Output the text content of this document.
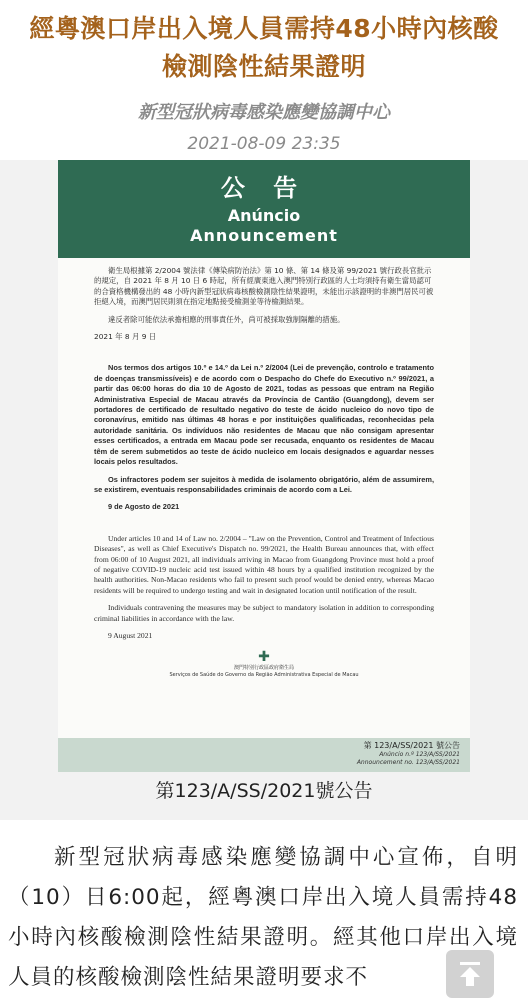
經粵澳口岸出入境人員需持48小時內核酸檢測陰性結果證明
新型冠狀病毒感染應變協調中心
2021-08-09 23:35
公 告
Anúncio
Announcement

衛生局根據第 2/2004 號法律《傳染病防治法》第 10 條、第 14 條及第 99/2021 號行政長官批示的規定，自 2021 年 8 月 10 日 6 時起，所有經廣東進入澳門特別行政區的人士均須持有衛生當局認可的合資格機構發出的 48 小時內新型冠狀病毒核酸檢測陰性結果證明，未能出示該證明的非澳門居民可被拒絕入境，而澳門居民則須在指定地點接受檢測並等待檢測結果。

違反者除可能依法承擔相應的刑事責任外，尚可被採取強制隔離的措施。

2021 年 8 月 9 日

Nos termos dos artigos 10.º e 14.º da Lei n.º 2/2004 (Lei de prevenção, controlo e tratamento de doenças transmissíveis) e de acordo com o Despacho do Chefe do Executivo n.º 99/2021, a partir das 06:00 horas do dia 10 de Agosto de 2021, todas as pessoas que entram na Região Administrativa Especial de Macau através da Província de Cantão (Guangdong), devem ser portadores de certificado de resultado negativo do teste de ácido nucleico do novo tipo de coronavírus, emitido nas últimas 48 horas e por instituições qualificadas, reconhecidas pela autoridade sanitária. Os indivíduos não residentes de Macau que não consigam apresentar esses certificados, a entrada em Macau pode ser recusada, enquanto os residentes de Macau têm de serem submetidos ao teste de ácido nucleico em locais designados e aguardar nesses locais pelos resultados.

Os infractores podem ser sujeitos à medida de isolamento obrigatório, além de assumirem, se existirem, eventuais responsabilidades criminais de acordo com a Lei.

9 de Agosto de 2021

Under articles 10 and 14 of Law no. 2/2004 – "Law on the Prevention, Control and Treatment of Infectious Diseases", as well as Chief Executive's Dispatch no. 99/2021, the Health Bureau announces that, with effect from 06:00 of 10 August 2021, all individuals arriving in Macao from Guangdong Province must hold a proof of negative COVID-19 nucleic acid test issued within 48 hours by a qualified institution recognized by the health authorities. Non-Macao residents who fail to present such proof would be denied entry, whereas Macao residents will be required to undergo testing and wait in designated location until notification of the result.

Individuals contravening the measures may be subject to mandatory isolation in addition to corresponding criminal liabilities in accordance with the law.

9 August 2021

✚
澳門特別行政區政府衛生局
Serviços de Saúde do Governo da Região Administrativa Especial de Macau
第 123/A/SS/2021 號公告
Anúncio n.º 123/A/SS/2021
Announcement no. 123/A/SS/2021
第123/A/SS/2021號公告
新型冠狀病毒感染應變協調中心宣佈，自明（10）日6:00起，經粵澳口岸出入境人員需持48小時內核酸檢測陰性結果證明。經其他口岸出入境人員的核酸檢測陰性結果證明要求不
